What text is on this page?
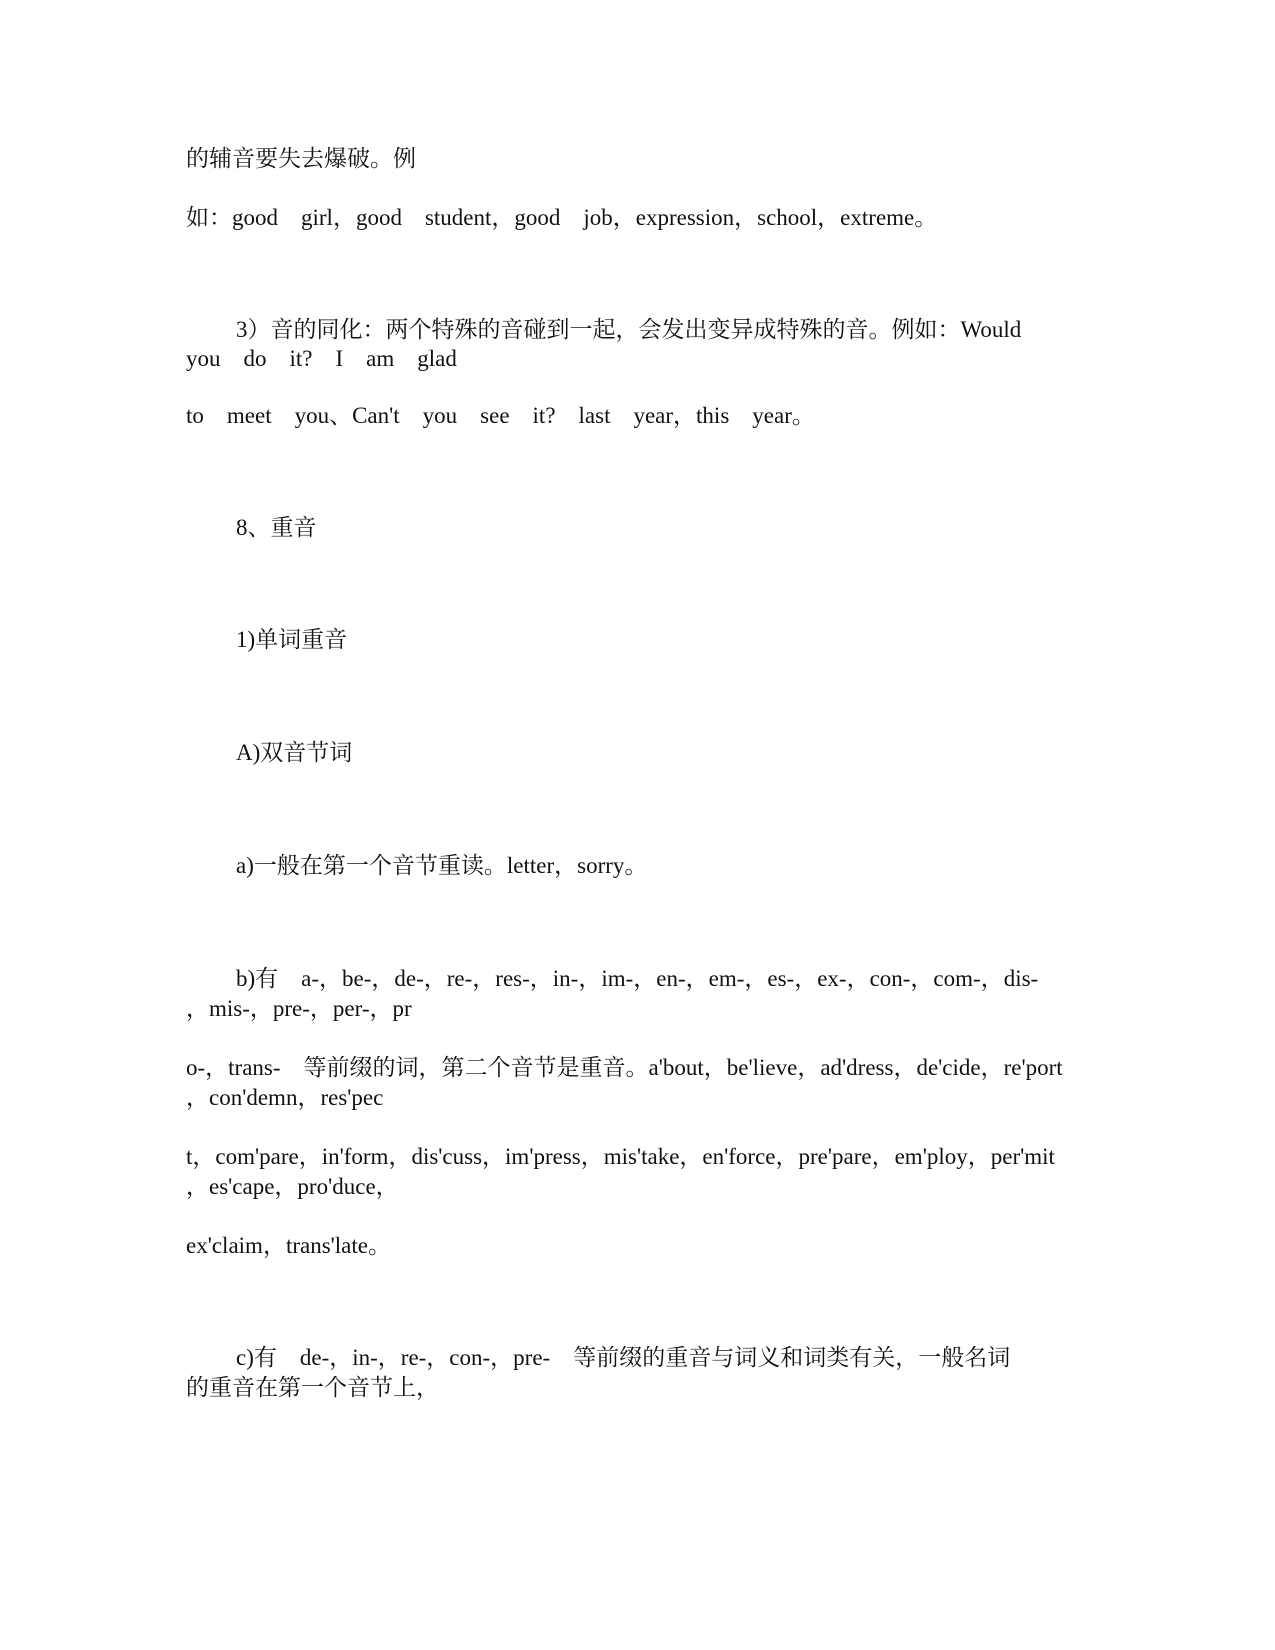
的辅音要失去爆破。例

如：good    girl，good    student，good    job，expression，school，extreme。

3）音的同化：两个特殊的音碰到一起，会发出变异成特殊的音。例如：Would

you    do    it?    I    am    glad

to    meet    you、Can't    you    see    it?    last    year，this    year。

8、重音

1)单词重音

A)双音节词

a)一般在第一个音节重读。letter，sorry。

b)有    a-，be-，de-，re-，res-，in-，im-，en-，em-，es-，ex-，con-，com-，dis-

，mis-，pre-，per-，pr

o-，trans-    等前缀的词，第二个音节是重音。a'bout，be'lieve，ad'dress，de'cide，re'port

，con'demn，res'pec

t，com'pare，in'form，dis'cuss，im'press，mis'take，en'force，pre'pare，em'ploy，per'mit

，es'cape，pro'duce，

ex'claim，trans'late。

c)有    de-，in-，re-，con-，pre-    等前缀的重音与词义和词类有关，一般名词

的重音在第一个音节上，
